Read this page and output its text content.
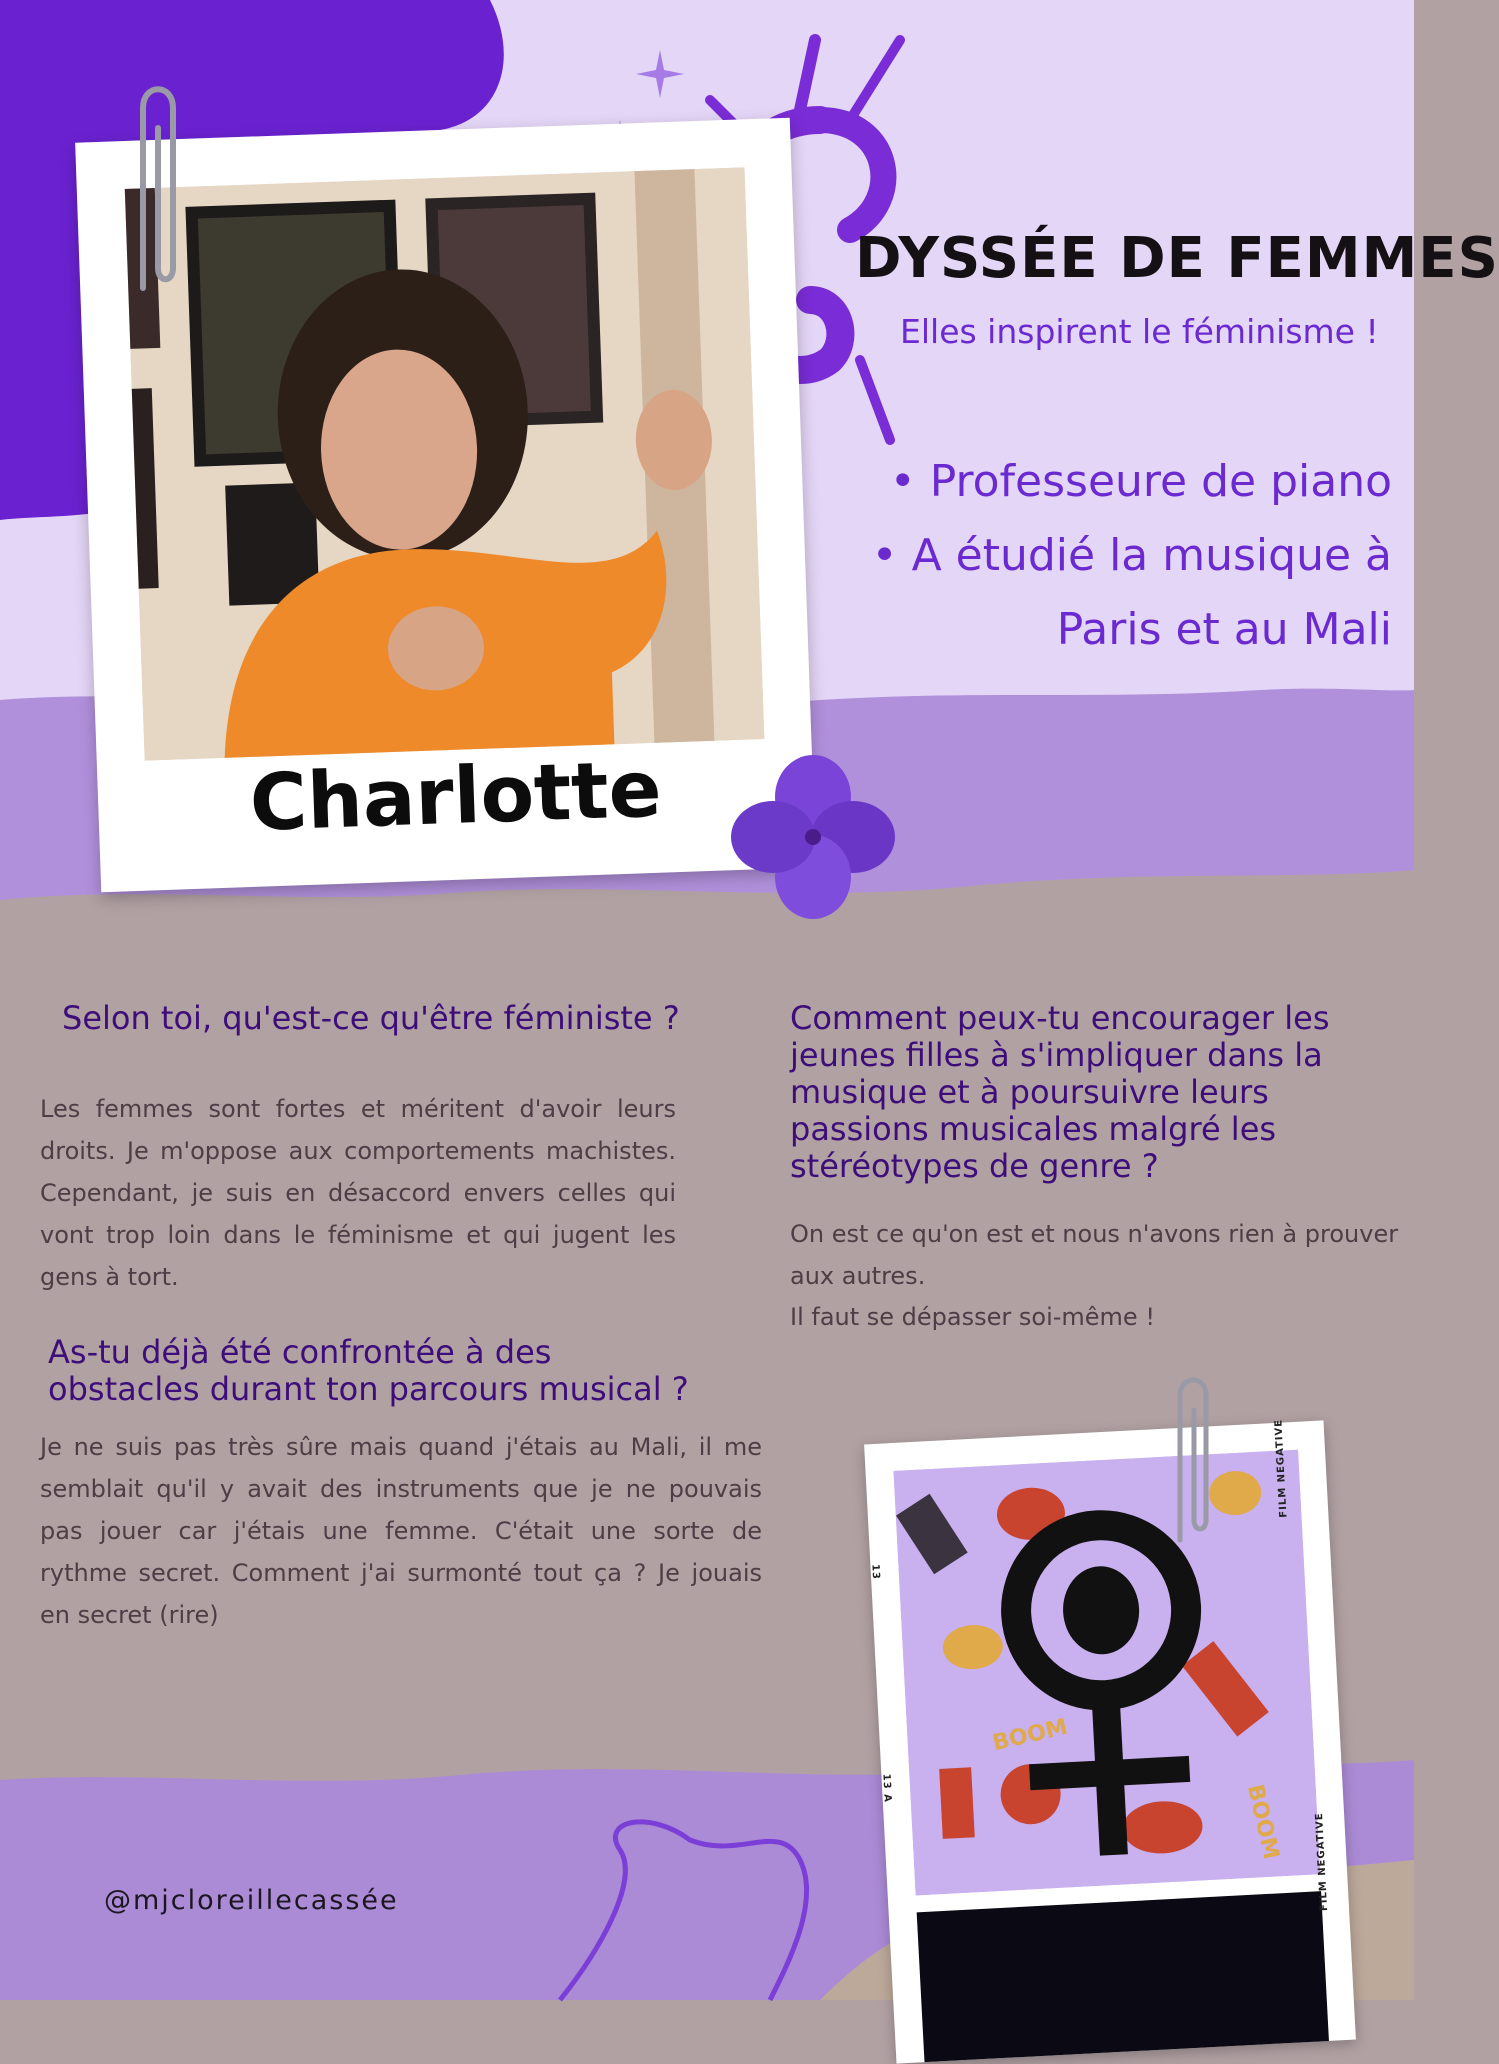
DYSSÉE DE FEMMES
Elles inspirent le féminisme !
• Professeure de piano
• A étudié la musique à
Paris et au Mali
Charlotte
Selon toi, qu'est-ce qu'être féministe ?
Les femmes sont fortes et méritent d'avoir leurs droits. Je m'oppose aux comportements machistes. Cependant, je suis en désaccord envers celles qui vont trop loin dans le féminisme et qui jugent les gens à tort.
As-tu déjà été confrontée à des obstacles durant ton parcours musical ?
Je ne suis pas très sûre mais quand j'étais au Mali, il me semblait qu'il y avait des instruments que je ne pouvais pas jouer car j'étais une femme. C'était une sorte de rythme secret. Comment j'ai surmonté tout ça ? Je jouais en secret (rire)
Comment peux-tu encourager les jeunes filles à s'impliquer dans la musique et à poursuivre leurs passions musicales malgré les stéréotypes de genre ?
On est ce qu'on est et nous n'avons rien à prouver aux autres.
Il faut se dépasser soi-même !
@mjcloreillecassée
BOOM
BOOM
FILM NEGATIVE
FILM NEGATIVE
13
13 A
